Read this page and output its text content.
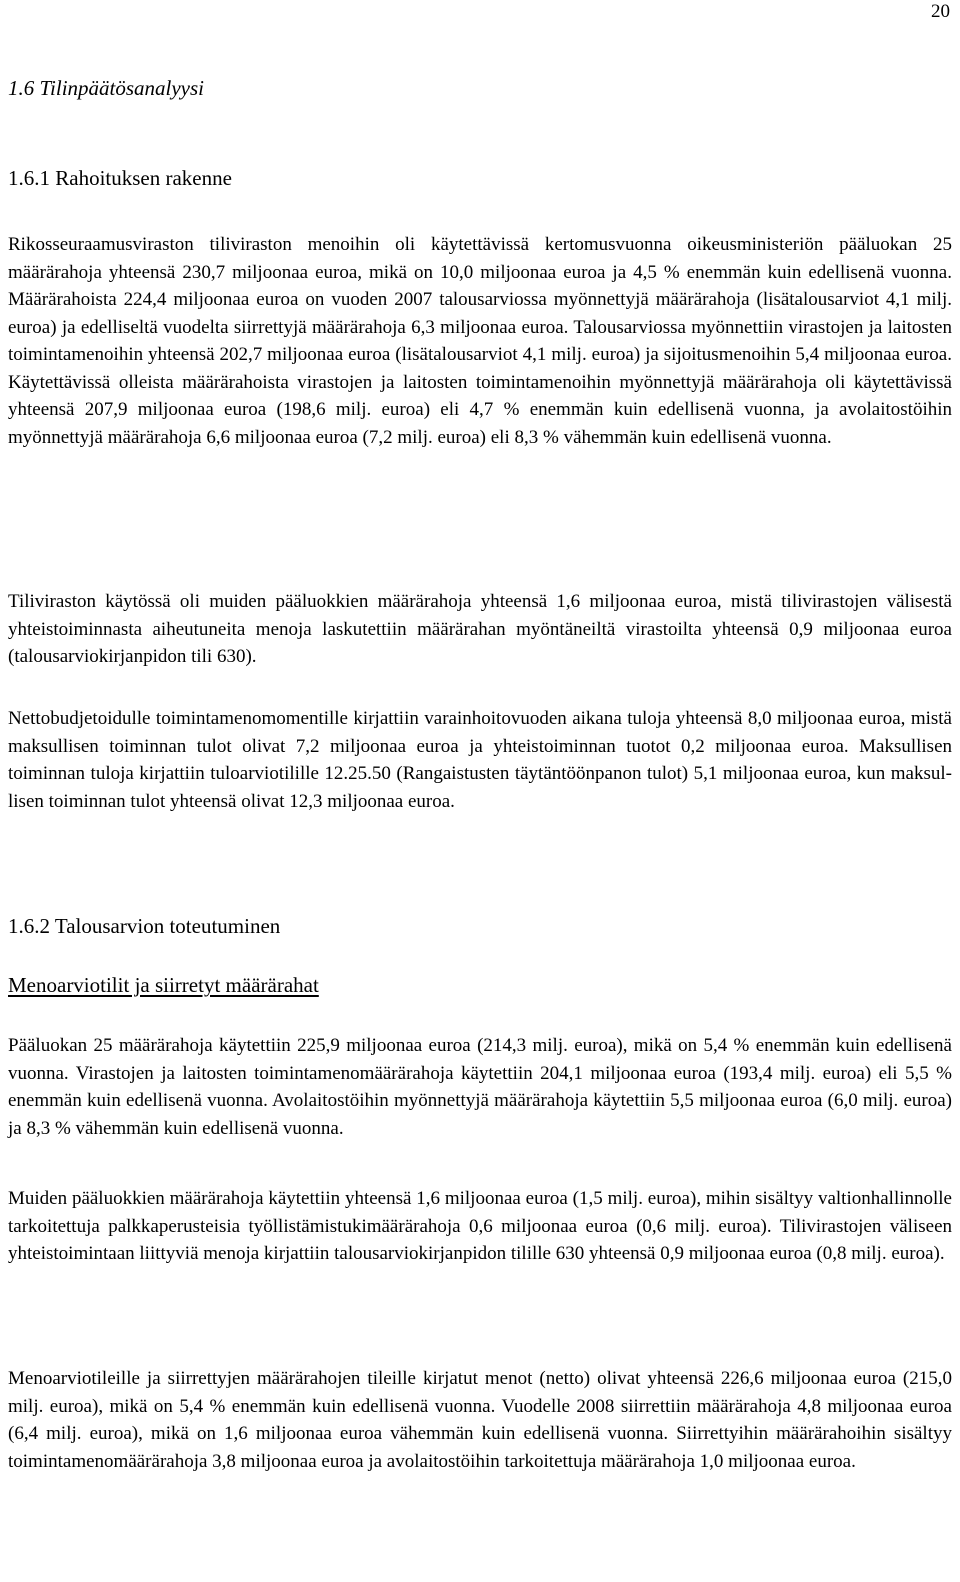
20
1.6 Tilinpäätösanalyysi
1.6.1 Rahoituksen rakenne

Rikosseuraamusviraston tiliviraston menoihin oli käytettävissä kertomusvuonna oikeusministeriön pääluokan 25 määrärahoja yhteensä 230,7 miljoonaa euroa, mikä on 10,0 miljoonaa euroa ja 4,5 % enemmän kuin edellisenä vuonna. Määrärahoista 224,4 miljoonaa euroa on vuoden 2007 talousarviossa myönnettyjä määrärahoja (lisätalousarviot 4,1 milj. euroa) ja edelliseltä vuodelta siirrettyjä määrärahoja 6,3 miljoonaa euroa. Talousarviossa myönnettiin virastojen ja laitosten toimintamenoihin yhteensä 202,7 miljoonaa euroa (lisätalousarviot 4,1 milj. euroa) ja sijoitusmenoihin 5,4 miljoonaa euroa. Käytettävissä olleista määrärahoista virastojen ja laitosten toimintamenoihin myönnettyjä määrärahoja oli käytettävissä yhteensä 207,9 miljoonaa euroa (198,6 milj. euroa) eli 4,7 % enemmän kuin edellisenä vuonna, ja avolaitostöihin myönnettyjä määrärahoja 6,6 miljoonaa euroa (7,2 milj. euroa) eli 8,3 % vähemmän kuin edellisenä vuonna.

Tiliviraston käytössä oli muiden pääluokkien määrärahoja yhteensä 1,6 miljoonaa euroa, mistä tilivirastojen välisestä yhteistoiminnasta aiheutuneita menoja laskutettiin määrärahan myöntäneiltä virastoilta yhteensä 0,9 miljoonaa euroa (talousarviokirjanpidon tili 630).

Nettobudjetoidulle toimintamenomomentille kirjattiin varainhoitovuoden aikana tuloja yhteensä 8,0 miljoonaa euroa, mistä maksullisen toiminnan tulot olivat 7,2 miljoonaa euroa ja yhteistoiminnan tuotot 0,2 miljoonaa euroa. Maksullisen toiminnan tuloja kirjattiin tuloarviotilille 12.25.50 (Rangaistusten täytäntöönpanon tulot) 5,1 miljoonaa euroa, kun maksullisen toiminnan tulot yhteensä olivat 12,3 miljoonaa euroa.

1.6.2 Talousarvion toteutuminen
Menoarviotilit ja siirretyt määrärahat

Pääluokan 25 määrärahoja käytettiin 225,9 miljoonaa euroa (214,3 milj. euroa), mikä on 5,4 % enemmän kuin edellisenä vuonna. Virastojen ja laitosten toimintamenomäärärahoja käytettiin 204,1 miljoonaa euroa (193,4 milj. euroa) eli 5,5 % enemmän kuin edellisenä vuonna. Avolaitostöihin myönnettyjä määrärahoja käytettiin 5,5 miljoonaa euroa (6,0 milj. euroa) ja 8,3 % vähemmän kuin edellisenä vuonna.

Muiden pääluokkien määrärahoja käytettiin yhteensä 1,6 miljoonaa euroa (1,5 milj. euroa), mihin sisältyy valtionhallinnolle tarkoitettuja palkkaperusteisia työllistämistukimäärärahoja 0,6 miljoonaa euroa (0,6 milj. euroa). Tilivirastojen väliseen yhteistoimintaan liittyviä menoja kirjattiin talousarviokirjanpidon tilille 630 yhteensä 0,9 miljoonaa euroa (0,8 milj. euroa).

Menoarviotileille ja siirrettyjen määrärahojen tileille kirjatut menot (netto) olivat yhteensä 226,6 miljoonaa euroa (215,0 milj. euroa), mikä on 5,4 % enemmän kuin edellisenä vuonna. Vuodelle 2008 siirrettiin määrärahoja 4,8 miljoonaa euroa (6,4 milj. euroa), mikä on 1,6 miljoonaa euroa vähemmän kuin edellisenä vuonna. Siirrettyihin määrärahoihin sisältyy toimintamenomäärärahoja 3,8 miljoonaa euroa ja avolaitostöihin tarkoitettuja määrärahoja 1,0 miljoonaa euroa.
